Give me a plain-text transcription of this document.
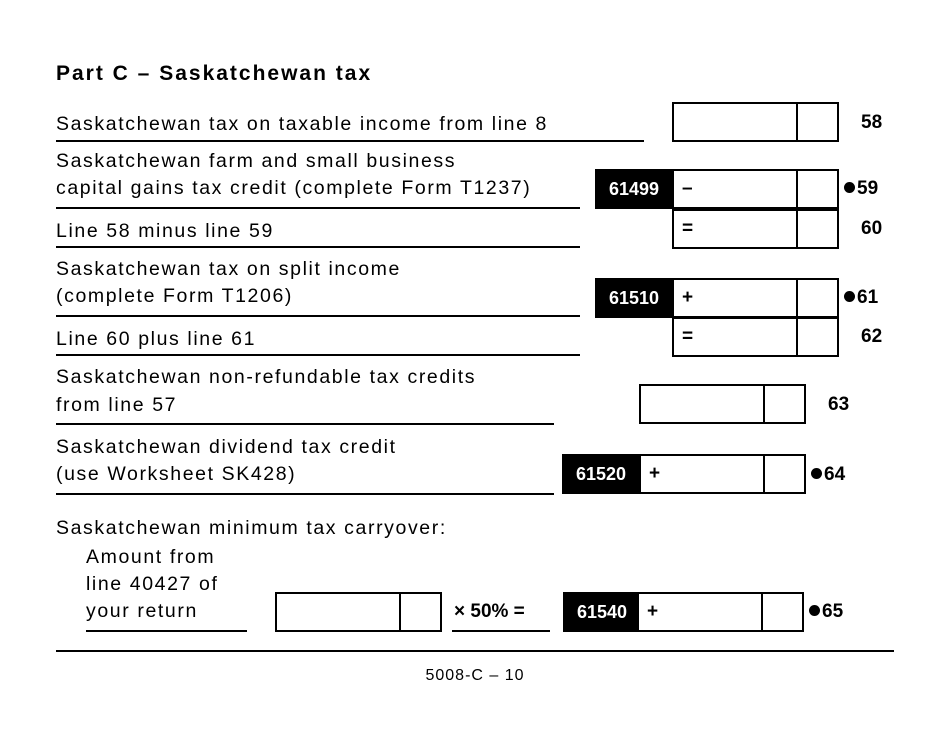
Part C – Saskatchewan tax
Saskatchewan tax on taxable income from line 8	58
Saskatchewan farm and small business
capital gains tax credit (complete Form T1237)	61499	–	59
Line 58 minus line 59	=	60
Saskatchewan tax on split income
(complete Form T1206)	61510	+	61
Line 60 plus line 61	=	62
Saskatchewan non-refundable tax credits
from line 57	63
Saskatchewan dividend tax credit
(use Worksheet SK428)	61520	+	64
Saskatchewan minimum tax carryover:
Amount from
line 40427 of
your return	× 50% =	61540	+	65
5008-C – 10
